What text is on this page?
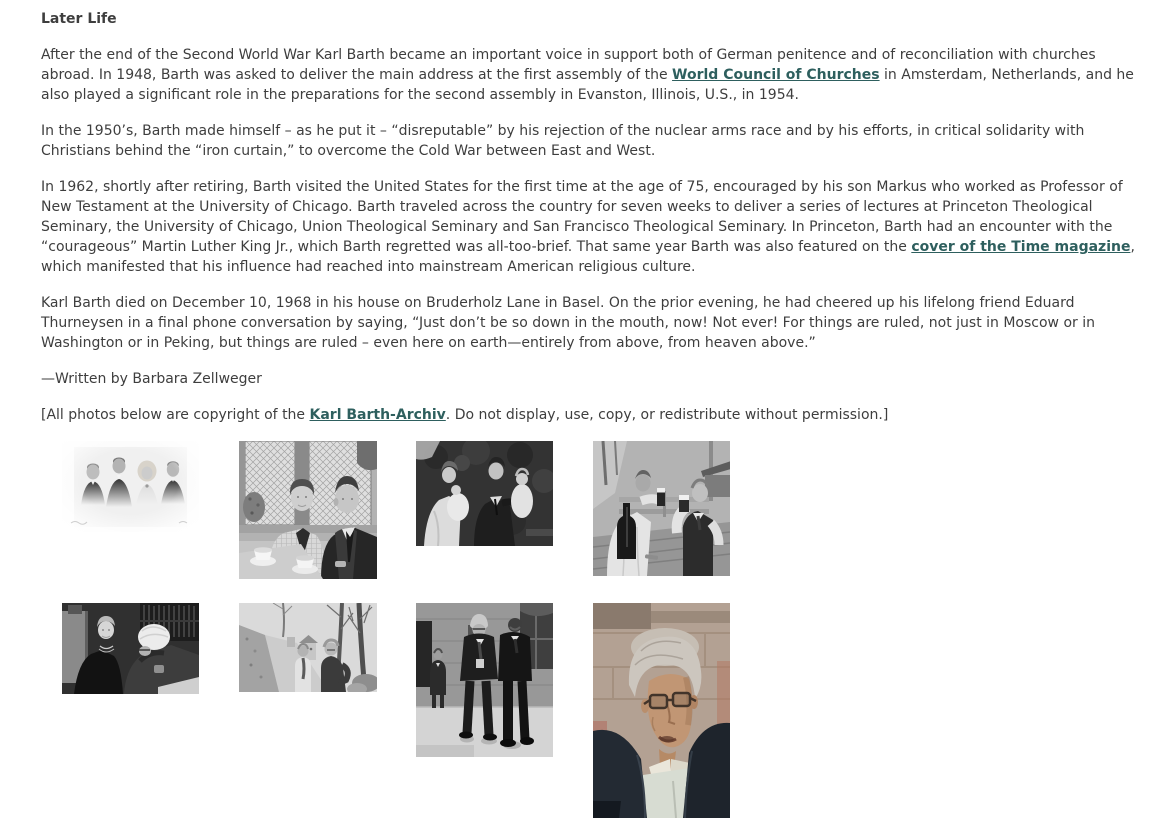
Later Life

After the end of the Second World War Karl Barth became an important voice in support both of German penitence and of reconciliation with churches abroad. In 1948, Barth was asked to deliver the main address at the first assembly of the World Council of Churches in Amsterdam, Netherlands, and he also played a significant role in the preparations for the second assembly in Evanston, Illinois, U.S., in 1954.

In the 1950’s, Barth made himself – as he put it – “disreputable” by his rejection of the nuclear arms race and by his efforts, in critical solidarity with Christians behind the “iron curtain,” to overcome the Cold War between East and West.

In 1962, shortly after retiring, Barth visited the United States for the first time at the age of 75, encouraged by his son Markus who worked as Professor of New Testament at the University of Chicago. Barth traveled across the country for seven weeks to deliver a series of lectures at Princeton Theological Seminary, the University of Chicago, Union Theological Seminary and San Francisco Theological Seminary. In Princeton, Barth had an encounter with the “courageous” Martin Luther King Jr., which Barth regretted was all-too-brief. That same year Barth was also featured on the cover of the Time magazine, which manifested that his influence had reached into mainstream American religious culture.

Karl Barth died on December 10, 1968 in his house on Bruderholz Lane in Basel. On the prior evening, he had cheered up his lifelong friend Eduard Thurneysen in a final phone conversation by saying, “Just don’t be so down in the mouth, now! Not ever! For things are ruled, not just in Moscow or in Washington or in Peking, but things are ruled – even here on earth—entirely from above, from heaven above.”

—Written by Barbara Zellweger

[All photos below are copyright of the Karl Barth-Archiv. Do not display, use, copy, or redistribute without permission.]
